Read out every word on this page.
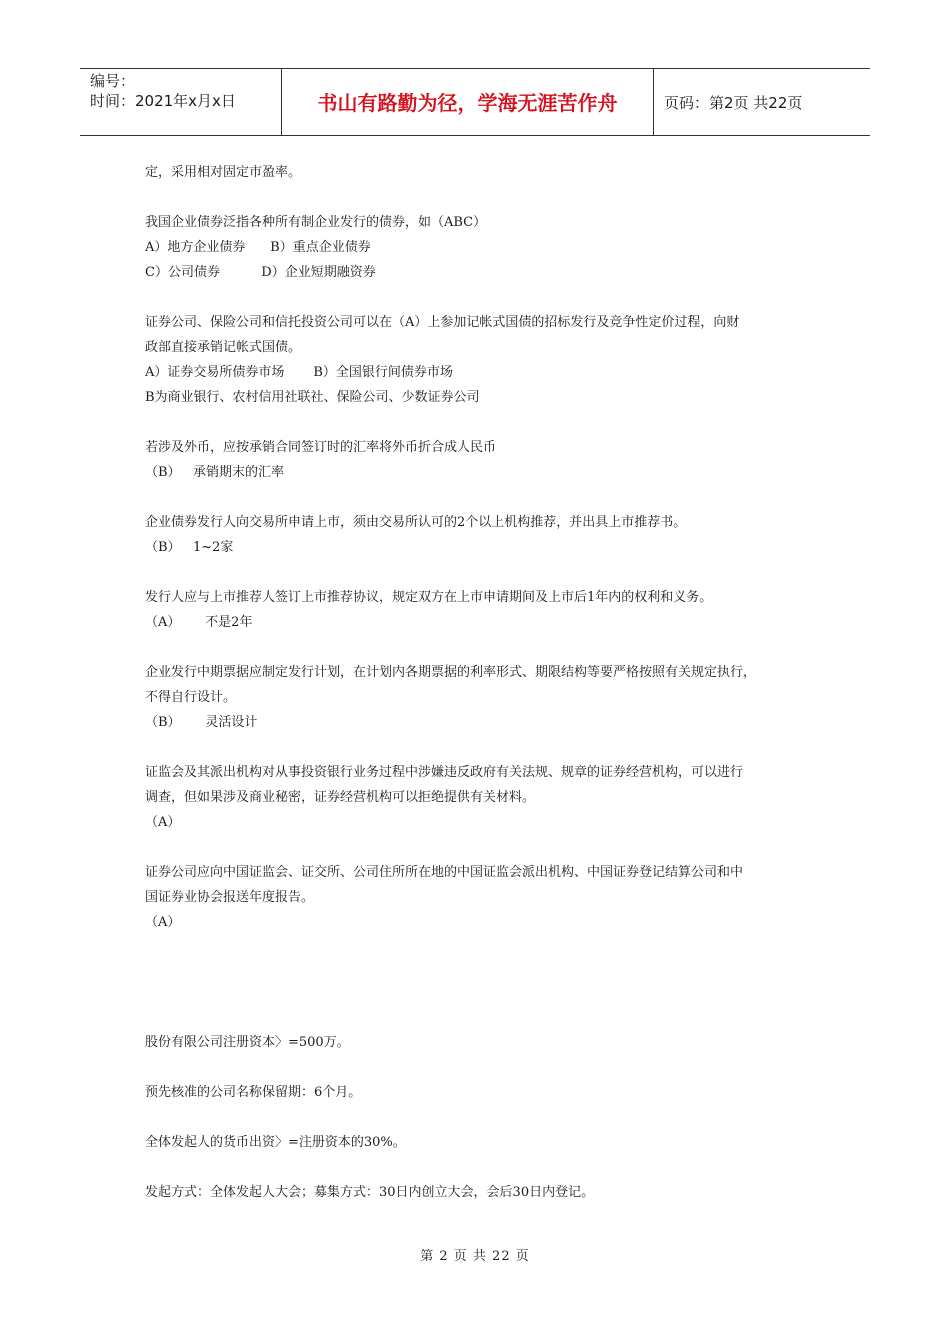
编号：
时间：2021年x月x日	书山有路勤为径，学海无涯苦作舟	页码：第2页 共22页

定，采用相对固定市盈率。

我国企业债券泛指各种所有制企业发行的债券，如（ABC）

A）地方企业债券      B）重点企业债券

C）公司债券          D）企业短期融资券

证券公司、保险公司和信托投资公司可以在（A）上参加记帐式国债的招标发行及竞争性定价过程，向财

政部直接承销记帐式国债。

A）证券交易所债券市场       B）全国银行间债券市场

B为商业银行、农村信用社联社、保险公司、少数证券公司

若涉及外币，应按承销合同签订时的汇率将外币折合成人民币

（B）   承销期末的汇率

企业债券发行人向交易所申请上市，须由交易所认可的2个以上机构推荐，并出具上市推荐书。

（B）   1~2家

发行人应与上市推荐人签订上市推荐协议，规定双方在上市申请期间及上市后1年内的权利和义务。

（A）      不是2年

企业发行中期票据应制定发行计划，在计划内各期票据的利率形式、期限结构等要严格按照有关规定执行，

不得自行设计。

（B）      灵活设计

证监会及其派出机构对从事投资银行业务过程中涉嫌违反政府有关法规、规章的证券经营机构，可以进行

调查，但如果涉及商业秘密，证券经营机构可以拒绝提供有关材料。

（A）

证券公司应向中国证监会、证交所、公司住所所在地的中国证监会派出机构、中国证券登记结算公司和中

国证券业协会报送年度报告。

（A）

股份有限公司注册资本〉=500万。

预先核准的公司名称保留期：6个月。

全体发起人的货币出资〉=注册资本的30%。

发起方式：全体发起人大会；募集方式：30日内创立大会，会后30日内登记。

第 2 页 共 22 页
